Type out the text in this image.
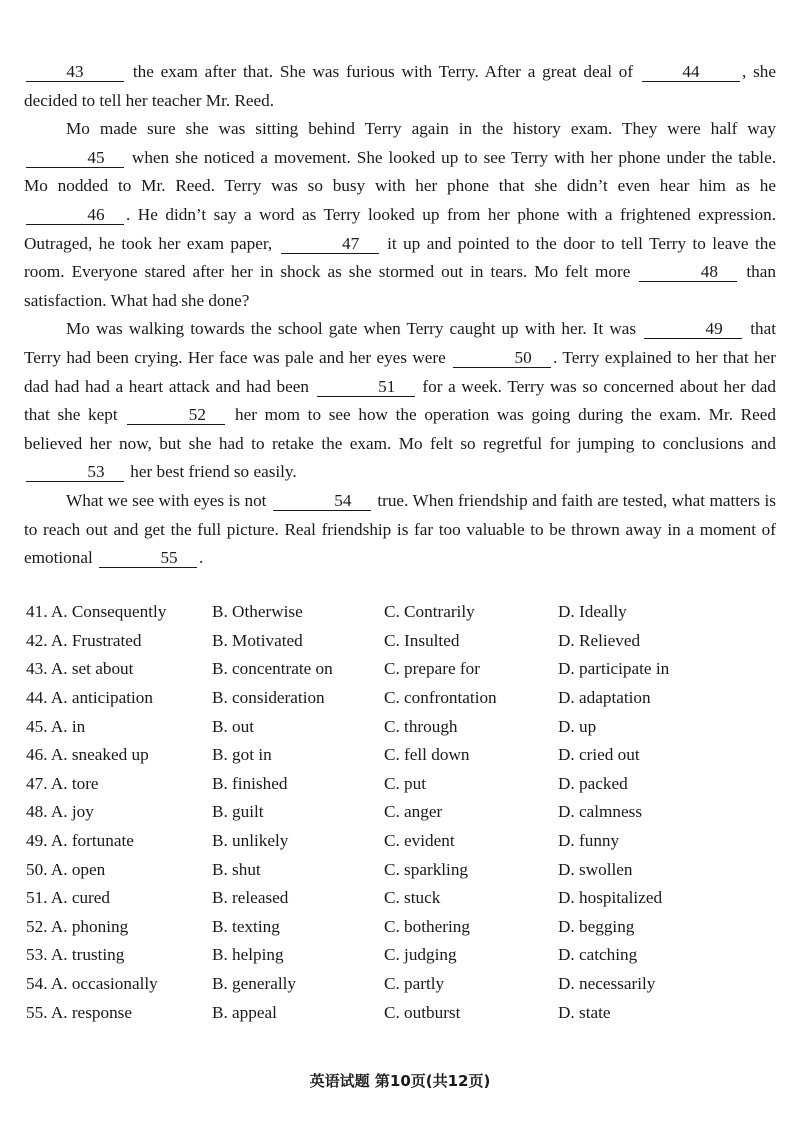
43 the exam after that. She was furious with Terry. After a great deal of 44 , she decided to tell her teacher Mr. Reed.

Mo made sure she was sitting behind Terry again in the history exam. They were half way 45 when she noticed a movement. She looked up to see Terry with her phone under the table. Mo nodded to Mr. Reed. Terry was so busy with her phone that she didn’t even hear him as he 46 . He didn’t say a word as Terry looked up from her phone with a frightened expression. Outraged, he took her exam paper,	47 it up and pointed to the door to tell Terry to leave the room. Everyone stared after her in shock as she stormed out in tears. Mo felt more	48 than satisfaction. What had she done?

Mo was walking towards the school gate when Terry caught up with her. It was	49 that Terry had been crying. Her face was pale and her eyes were	50 . Terry explained to her that her dad had had a heart attack and had been	51 for a week. Terry was so concerned about her dad that she kept	52 her mom to see how the operation was going during the exam. Mr. Reed believed her now, but she had to retake the exam. Mo felt so regretful for jumping to conclusions and 53 her best friend so easily.

What we see with eyes is not	54 true. When friendship and faith are tested, what matters is to reach out and get the full picture. Real friendship is far too valuable to be thrown away in a moment of emotional	55 .

41. A. Consequently	B. Otherwise	C. Contrarily	D. Ideally
42. A. Frustrated	B. Motivated	C. Insulted	D. Relieved
43. A. set about	B. concentrate on	C. prepare for	D. participate in
44. A. anticipation	B. consideration	C. confrontation	D. adaptation
45. A. in	B. out	C. through	D. up
46. A. sneaked up	B. got in	C. fell down	D. cried out
47. A. tore	B. finished	C. put	D. packed
48. A. joy	B. guilt	C. anger	D. calmness
49. A. fortunate	B. unlikely	C. evident	D. funny
50. A. open	B. shut	C. sparkling	D. swollen
51. A. cured	B. released	C. stuck	D. hospitalized
52. A. phoning	B. texting	C. bothering	D. begging
53. A. trusting	B. helping	C. judging	D. catching
54. A. occasionally	B. generally	C. partly	D. necessarily
55. A. response	B. appeal	C. outburst	D. state
英语试题 第10页(共12页)
